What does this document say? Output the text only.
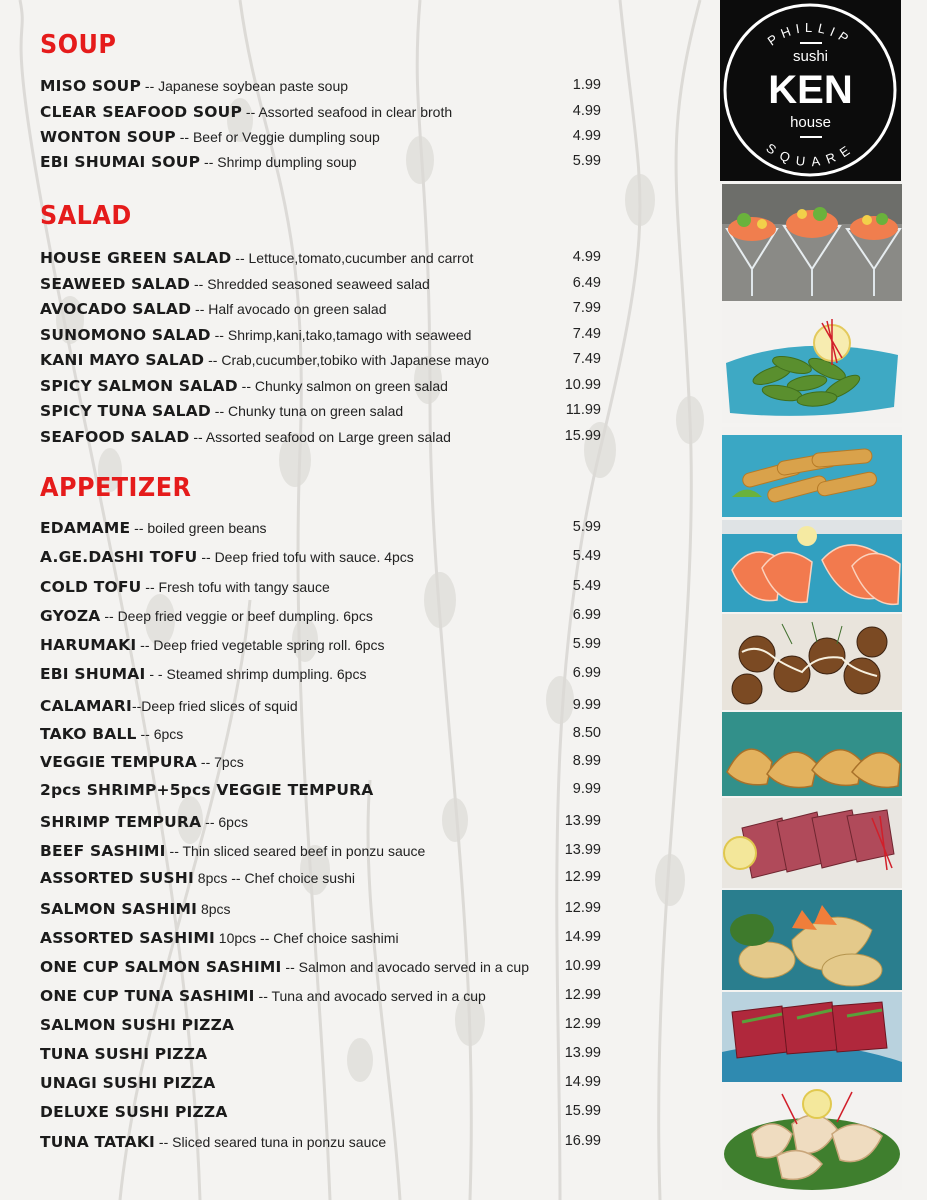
SOUP
MISO SOUP -- Japanese soybean paste soup	1.99
CLEAR SEAFOOD SOUP -- Assorted seafood in clear broth	4.99
WONTON SOUP -- Beef or Veggie dumpling soup	4.99
EBI SHUMAI SOUP -- Shrimp dumpling soup	5.99
SALAD
HOUSE GREEN SALAD -- Lettuce,tomato,cucumber and carrot	4.99
SEAWEED SALAD -- Shredded seasoned seaweed salad	6.49
AVOCADO SALAD -- Half avocado on green salad	7.99
SUNOMONO SALAD -- Shrimp,kani,tako,tamago with seaweed	7.49
KANI MAYO SALAD -- Crab,cucumber,tobiko with Japanese mayo	7.49
SPICY SALMON SALAD -- Chunky salmon on green salad	10.99
SPICY TUNA SALAD -- Chunky tuna on green salad	11.99
SEAFOOD SALAD -- Assorted seafood on Large green salad	15.99
APPETIZER
EDAMAME -- boiled green beans	5.99
A.GE.DASHI TOFU -- Deep fried tofu with sauce. 4pcs	5.49
COLD TOFU -- Fresh tofu with tangy sauce	5.49
GYOZA -- Deep fried veggie or beef dumpling. 6pcs	6.99
HARUMAKI -- Deep fried vegetable spring roll. 6pcs	5.99
EBI SHUMAI - - Steamed shrimp dumpling. 6pcs	6.99
CALAMARI--Deep fried slices of squid	9.99
TAKO BALL -- 6pcs	8.50
VEGGIE TEMPURA -- 7pcs	8.99
2pcs SHRIMP+5pcs VEGGIE TEMPURA	9.99
SHRIMP TEMPURA -- 6pcs	13.99
BEEF SASHIMI -- Thin sliced seared beef in ponzu sauce	13.99
ASSORTED SUSHI 8pcs -- Chef choice sushi	12.99
SALMON SASHIMI 8pcs	12.99
ASSORTED SASHIMI 10pcs -- Chef choice sashimi	14.99
ONE CUP SALMON SASHIMI -- Salmon and avocado served in a cup 10.99
ONE CUP TUNA SASHIMI -- Tuna and avocado served in a cup	12.99
SALMON SUSHI PIZZA	12.99
TUNA SUSHI PIZZA	13.99
UNAGI SUSHI PIZZA	14.99
DELUXE SUSHI PIZZA	15.99
TUNA TATAKI -- Sliced seared tuna in ponzu sauce	16.99
PHILLIP
SQUARE
sushi
KEN
house
